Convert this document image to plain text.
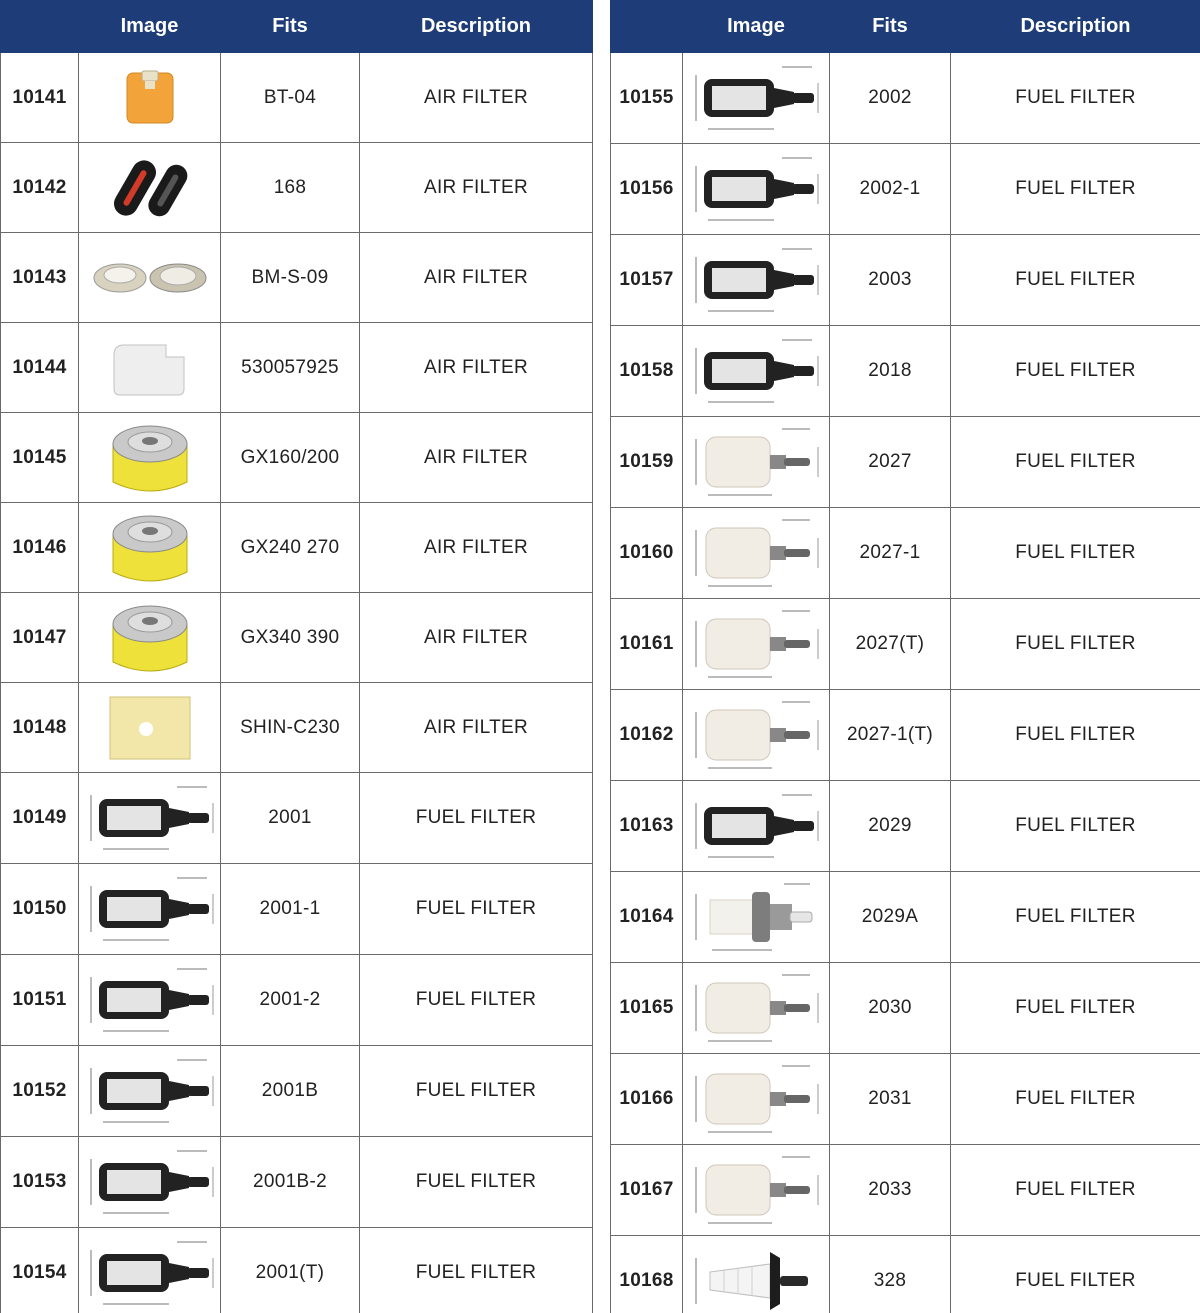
	Image	Fits	Description
10141		BT-04	AIR FILTER
10142		168	AIR FILTER
10143		BM-S-09	AIR FILTER
10144		530057925	AIR FILTER
10145		GX160/200	AIR FILTER
10146		GX240 270	AIR FILTER
10147		GX340 390	AIR FILTER
10148		SHIN-C230	AIR FILTER
10149		2001	FUEL FILTER
10150		2001-1	FUEL FILTER
10151		2001-2	FUEL FILTER
10152		2001B	FUEL FILTER
10153		2001B-2	FUEL FILTER
10154		2001(T)	FUEL FILTER
	Image	Fits	Description
10155		2002	FUEL FILTER
10156		2002-1	FUEL FILTER
10157		2003	FUEL FILTER
10158		2018	FUEL FILTER
10159		2027	FUEL FILTER
10160		2027-1	FUEL FILTER
10161		2027(T)	FUEL FILTER
10162		2027-1(T)	FUEL FILTER
10163		2029	FUEL FILTER
10164		2029A	FUEL FILTER
10165		2030	FUEL FILTER
10166		2031	FUEL FILTER
10167		2033	FUEL FILTER
10168		328	FUEL FILTER
